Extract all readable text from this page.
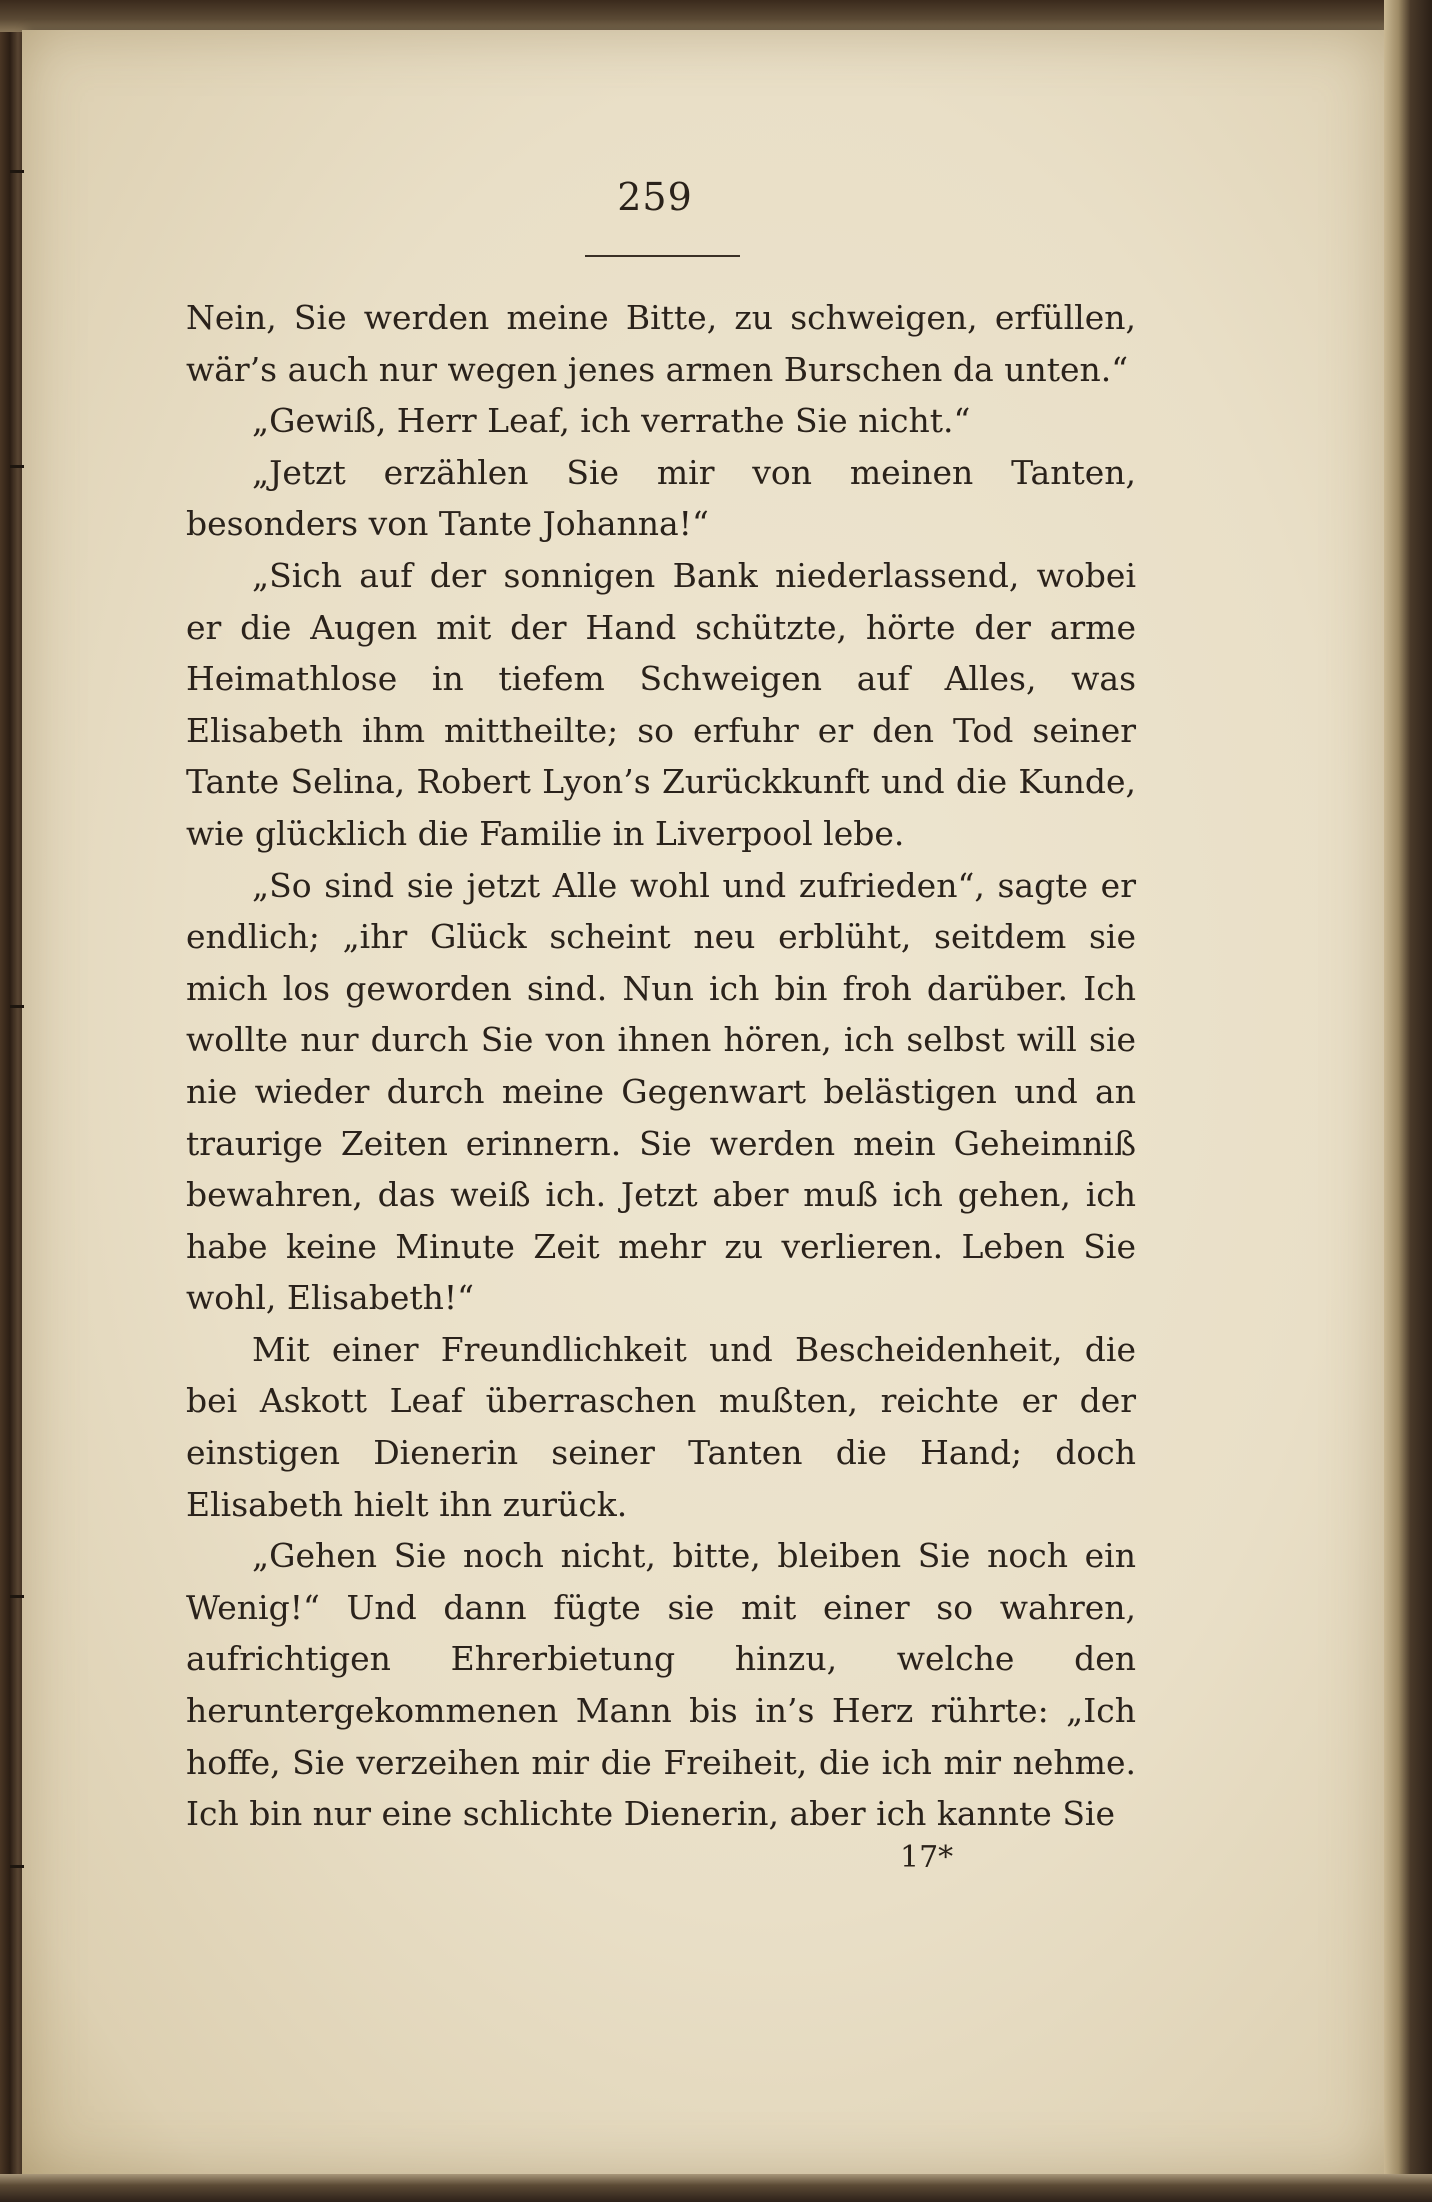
259

Nein, Sie werden meine Bitte, zu schweigen, erfüllen, wär’s auch nur wegen jenes armen Burschen da unten.“

„Gewiß, Herr Leaf, ich verrathe Sie nicht.“

„Jetzt erzählen Sie mir von meinen Tanten, besonders von Tante Johanna!“

„Sich auf der sonnigen Bank niederlassend, wobei er die Augen mit der Hand schützte, hörte der arme Heimathlose in tiefem Schweigen auf Alles, was Elisabeth ihm mittheilte; so erfuhr er den Tod seiner Tante Selina, Robert Lyon’s Zurückkunft und die Kunde, wie glücklich die Familie in Liverpool lebe.

„So sind sie jetzt Alle wohl und zufrieden“, sagte er endlich; „ihr Glück scheint neu erblüht, seitdem sie mich los geworden sind. Nun ich bin froh darüber. Ich wollte nur durch Sie von ihnen hören, ich selbst will sie nie wieder durch meine Gegenwart belästigen und an traurige Zeiten erinnern. Sie werden mein Geheimniß bewahren, das weiß ich. Jetzt aber muß ich gehen, ich habe keine Minute Zeit mehr zu verlieren. Leben Sie wohl, Elisabeth!“

Mit einer Freundlichkeit und Bescheidenheit, die bei Askott Leaf überraschen mußten, reichte er der einstigen Dienerin seiner Tanten die Hand; doch Elisabeth hielt ihn zurück.

„Gehen Sie noch nicht, bitte, bleiben Sie noch ein Wenig!“ Und dann fügte sie mit einer so wahren, aufrichtigen Ehrerbietung hinzu, welche den heruntergekommenen Mann bis in’s Herz rührte: „Ich hoffe, Sie verzeihen mir die Freiheit, die ich mir nehme. Ich bin nur eine schlichte Dienerin, aber ich kannte Sie

17*
